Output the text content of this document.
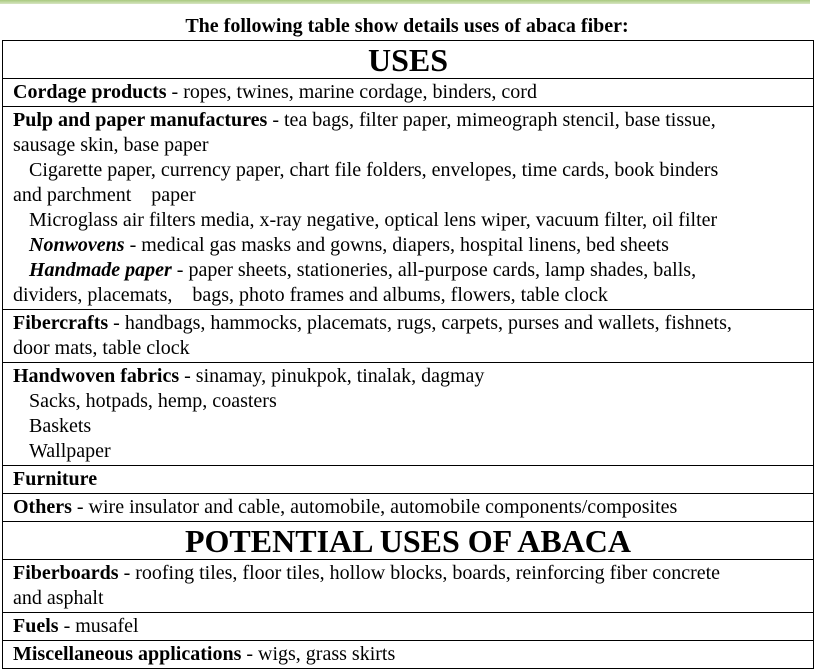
The following table show details uses of abaca fiber:
USES
Cordage products - ropes, twines, marine cordage, binders, cord
Pulp and paper manufactures - tea bags, filter paper, mimeograph stencil, base tissue,
sausage skin, base paper
Cigarette paper, currency paper, chart file folders, envelopes, time cards, book binders
and parchment    paper
Microglass air filters media, x-ray negative, optical lens wiper, vacuum filter, oil filter
Nonwovens - medical gas masks and gowns, diapers, hospital linens, bed sheets
Handmade paper - paper sheets, stationeries, all-purpose cards, lamp shades, balls,
dividers, placemats,    bags, photo frames and albums, flowers, table clock
Fibercrafts - handbags, hammocks, placemats, rugs, carpets, purses and wallets, fishnets,
door mats, table clock
Handwoven fabrics - sinamay, pinukpok, tinalak, dagmay
Sacks, hotpads, hemp, coasters
Baskets
Wallpaper
Furniture
Others - wire insulator and cable, automobile, automobile components/composites
POTENTIAL USES OF ABACA
Fiberboards - roofing tiles, floor tiles, hollow blocks, boards, reinforcing fiber concrete
and asphalt
Fuels - musafel
Miscellaneous applications - wigs, grass skirts
